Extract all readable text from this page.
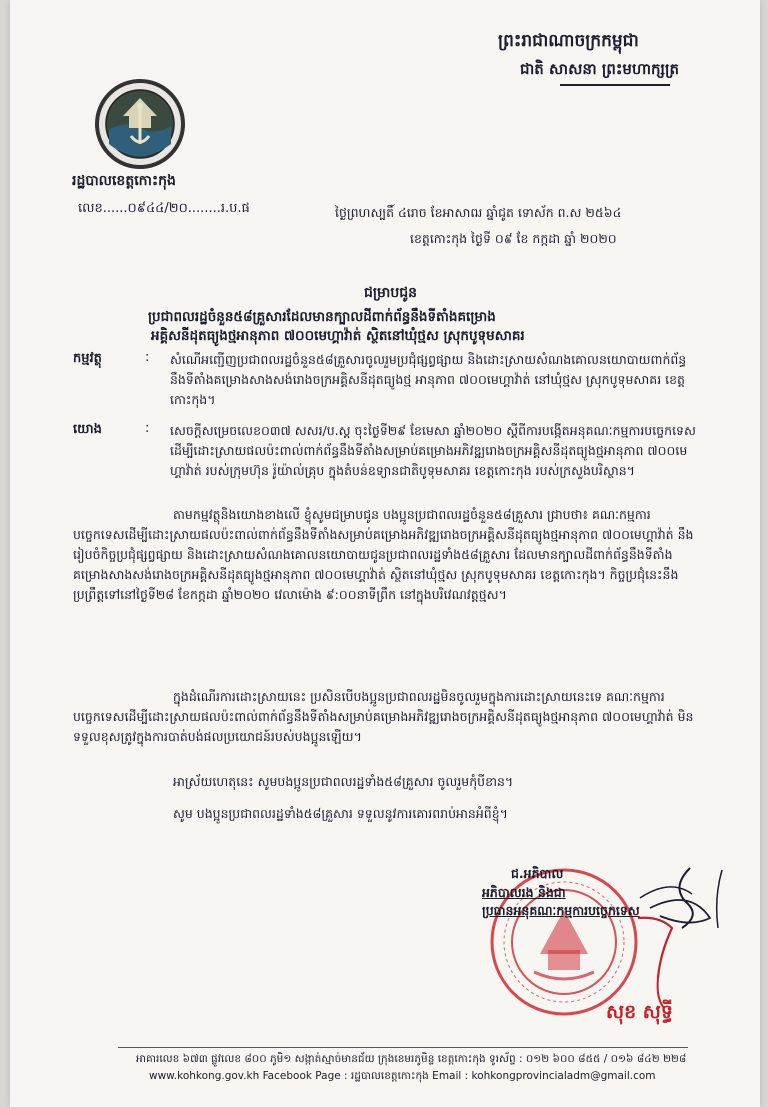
ព្រះរាជាណាចក្រកម្ពុជា
ជាតិ សាសនា ព្រះមហាក្សត្រ
រដ្ឋបាលខេត្តកោះកុង
លេខ......០៩៤៤/២០........រ.ប.ផ	ថ្ងៃព្រហស្បតិ៍ ៤រោច ខែអាសាឍ ឆ្នាំជូត ទោស័ក ព.ស ២៥៦៤
ខេត្តកោះកុង ថ្ងៃទី ០៩ ខែ កក្កដា ឆ្នាំ ២០២០
ជម្រាបជូន
ប្រជាពលរដ្ឋចំនួន៥៨គ្រួសារដែលមានក្បាលដីពាក់ព័ន្ធនឹងទីតាំងគម្រោង
អគ្គិសនីដុតធ្យូងថ្មអានុភាព ៧០០មេហ្គាវ៉ាត់ ស្ថិតនៅឃុំថ្មស ស្រុកបូទុមសាគរ
កម្មវត្ថុ	: សំណើអញ្ជើញប្រជាពលរដ្ឋចំនួន៥៨គ្រួសារចូលរួមប្រជុំផ្សព្វផ្សាយ និងដោះស្រាយសំណងគោលនយោបាយពាក់ព័ន្ធនឹងទីតាំងគម្រោងសាងសង់រោងចក្រអគ្គិសនីដុតធ្យូងថ្ម អានុភាព ៧០០មេហ្គាវ៉ាត់ នៅឃុំថ្មស ស្រុកបូទុមសាគរ ខេត្តកោះកុង។
យោង	: សេចក្តីសម្រេចលេខ០៣៧ សសរ/ប.ស្ត ចុះថ្ងៃទី២៩ ខែមេសា ឆ្នាំ២០២០ ស្តីពីការបង្កើតអនុគណៈកម្មការបច្ចេកទេសដើម្បីដោះស្រាយផលប៉ះពាល់ពាក់ព័ន្ធនឹងទីតាំងសម្រាប់គម្រោងអភិវឌ្ឍរោងចក្រអគ្គិសនីដុតធ្យូងថ្មអានុភាព ៧០០មេហ្គាវ៉ាត់ របស់ក្រុមហ៊ុន រ៉ូយ៉ាល់គ្រុប ក្នុងតំបន់ឧទ្យានជាតិបូទុមសាគរ ខេត្តកោះកុង របស់ក្រសួងបរិស្ថាន។
តាមកម្មវត្ថុនិងយោងខាងលើ ខ្ញុំសូមជម្រាបជូន បងប្អូនប្រជាពលរដ្ឋចំនួន៥៨គ្រួសារ ជ្រាបថា៖ គណៈកម្មការបច្ចេកទេសដើម្បីដោះស្រាយផលប៉ះពាល់ពាក់ព័ន្ធនឹងទីតាំងសម្រាប់គម្រោងអភិវឌ្ឍរោងចក្រអគ្គិសនីដុតធ្យូងថ្មអានុភាព ៧០០មេហ្គាវ៉ាត់ នឹងរៀបចំកិច្ចប្រជុំផ្សព្វផ្សាយ និងដោះស្រាយសំណងគោលនយោបាយជូនប្រជាពលរដ្ឋទាំង៥៨គ្រួសារ ដែលមានក្បាលដីពាក់ព័ន្ធនឹងទីតាំងគម្រោងសាងសង់រោងចក្រអគ្គិសនីដុតធ្យូងថ្មអានុភាព ៧០០មេហ្គាវ៉ាត់ ស្ថិតនៅឃុំថ្មស ស្រុកបូទុមសាគរ ខេត្តកោះកុង។ កិច្ចប្រជុំនេះនឹងប្រព្រឹត្តទៅនៅថ្ងៃទី២៨ ខែកក្កដា ឆ្នាំ២០២០ វេលាម៉ោង ៩:០០នាទីព្រឹក នៅក្នុងបរិវេណវត្តថ្មស។
ក្នុងដំណើរការដោះស្រាយនេះ ប្រសិនបើបងប្អូនប្រជាពលរដ្ឋមិនចូលរួមក្នុងការដោះស្រាយនេះទេ គណៈកម្មការបច្ចេកទេសដើម្បីដោះស្រាយផលប៉ះពាល់ពាក់ព័ន្ធនឹងទីតាំងសម្រាប់គម្រោងអភិវឌ្ឍរោងចក្រអគ្គិសនីដុតធ្យូងថ្មអានុភាព ៧០០មេហ្គាវ៉ាត់ មិនទទួលខុសត្រូវក្នុងការបាត់បង់ផលប្រយោជន៍របស់បងប្អូនឡើយ។
អាស្រ័យហេតុនេះ សូមបងប្អូនប្រជាពលរដ្ឋទាំង៥៨គ្រួសារ ចូលរួមកុំបីខាន។
សូម បងប្អូនប្រជាពលរដ្ឋទាំង៥៨គ្រួសារ ទទួលនូវការគោរពរាប់អានអំពីខ្ញុំ។
ជ.អភិបាល
អភិបាលរង និងជា
ប្រធានអនុគណៈកម្មការបច្ចេកទេស
សុខ សុទ្ធី
អាគារលេខ ៦៧៣ ផ្លូវលេខ ៨០០ ភូមិ១ សង្កាត់ស្មាច់មានជ័យ ក្រុងខេមរភូមិន្ទ ខេត្តកោះកុង ទូរស័ព្ទ : ០១២ ៦០០ ៨៥៥ / ០១៦ ៨៤២ ២២៨
www.kohkong.gov.kh Facebook Page : រដ្ឋបាលខេត្តកោះកុង Email : kohkongprovincialadm@gmail.com
